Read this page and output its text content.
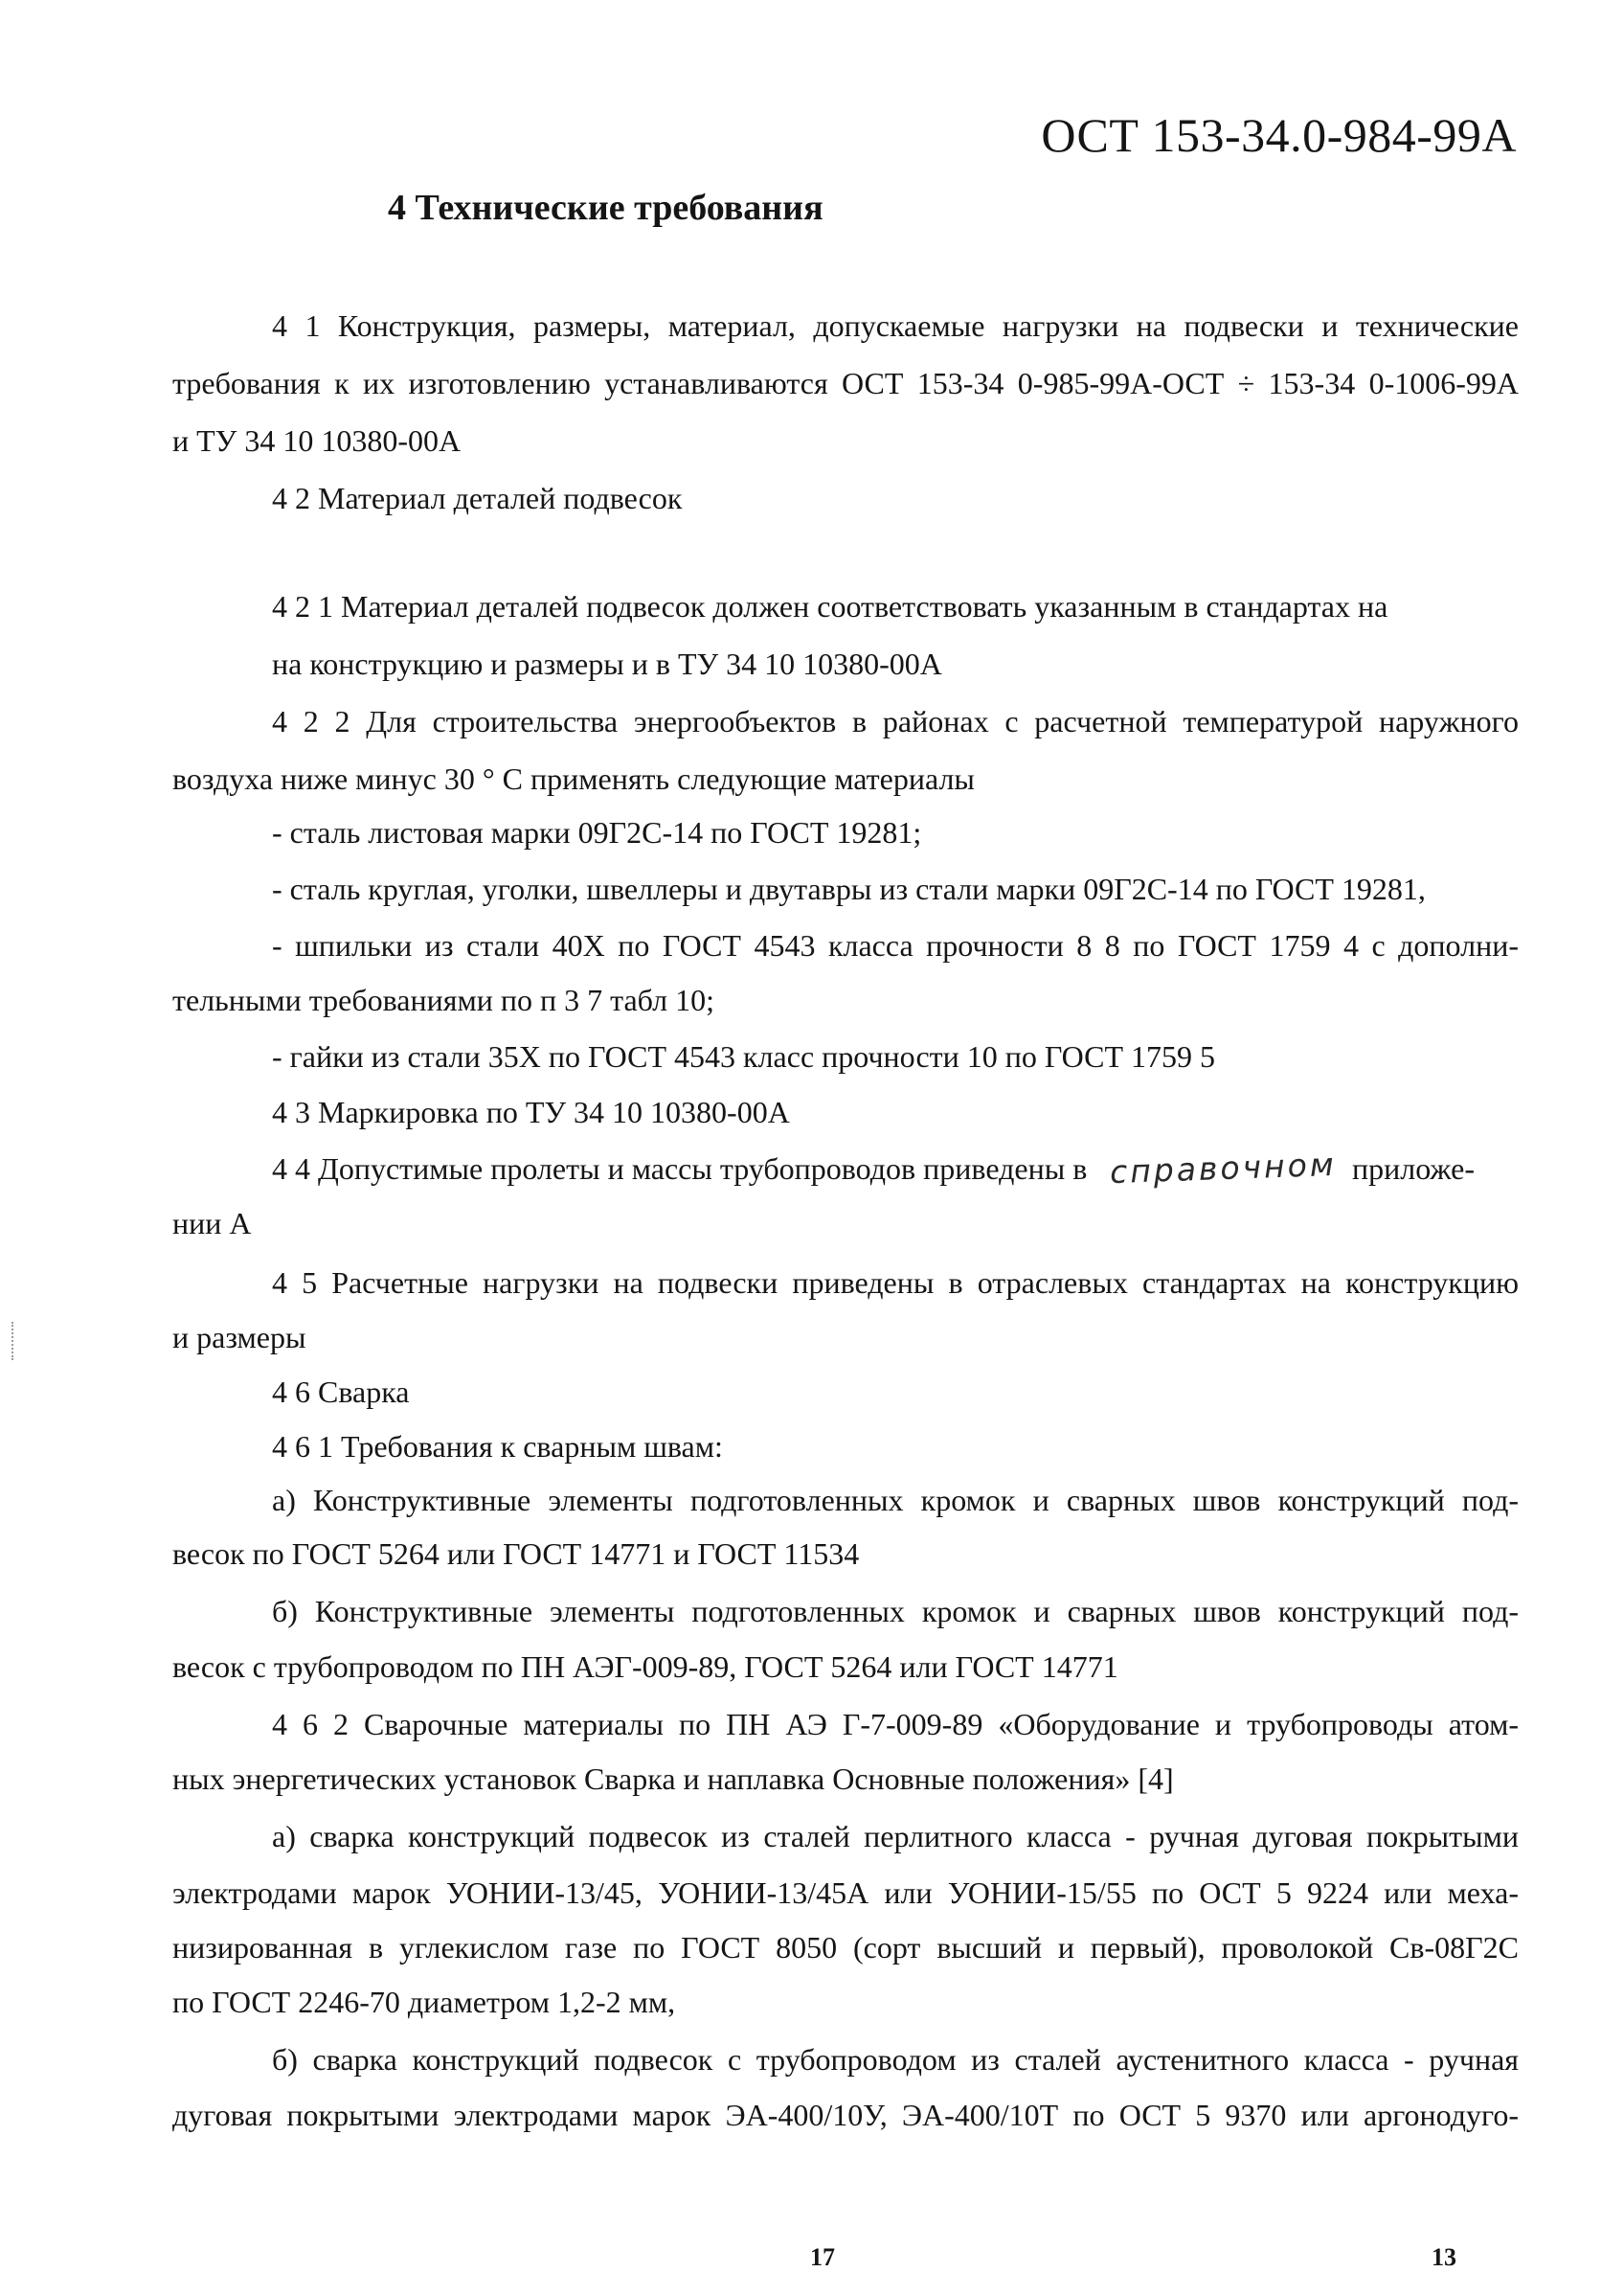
ОСТ 153-34.0-984-99А
4 Технические требования
4 1 Конструкция, размеры, материал, допускаемые нагрузки на подвески и технические
требования к их изготовлению устанавливаются ОСТ 153-34 0-985-99А-ОСТ ÷ 153-34 0-1006-99А
и ТУ 34 10 10380-00А
4 2 Материал деталей подвесок
4 2 1 Материал деталей подвесок должен соответствовать указанным в стандартах на
на конструкцию и размеры и в ТУ 34 10 10380-00А
4 2 2 Для строительства энергообъектов в районах с расчетной температурой наружного
воздуха ниже минус 30 ° С применять следующие материалы
- сталь листовая марки 09Г2С-14 по ГОСТ 19281;
- сталь круглая, уголки, швеллеры и двутавры из стали марки 09Г2С-14 по ГОСТ 19281,
- шпильки из стали 40Х по ГОСТ 4543 класса прочности 8 8 по ГОСТ 1759 4 с дополни-
тельными требованиями по п 3 7 табл 10;
- гайки из стали 35Х по ГОСТ 4543 класс прочности 10 по ГОСТ 1759 5
4 3 Маркировка по ТУ 34 10 10380-00А
4 4 Допустимые пролеты и массы трубопроводов приведены в справочном приложе-
нии А
4 5 Расчетные нагрузки на подвески приведены в отраслевых стандартах на конструкцию
и размеры
4 6 Сварка
4 6 1 Требования к сварным швам:
а) Конструктивные элементы подготовленных кромок и сварных швов конструкций под-
весок по ГОСТ 5264 или ГОСТ 14771 и ГОСТ 11534
б) Конструктивные элементы подготовленных кромок и сварных швов конструкций под-
весок с трубопроводом по ПН АЭГ-009-89, ГОСТ 5264 или ГОСТ 14771
4 6 2 Сварочные материалы по ПН АЭ Г-7-009-89 «Оборудование и трубопроводы атом-
ных энергетических установок Сварка и наплавка Основные положения» [4]
а) сварка конструкций подвесок из сталей перлитного класса - ручная дуговая покрытыми
электродами марок УОНИИ-13/45, УОНИИ-13/45А или УОНИИ-15/55 по ОСТ 5 9224 или меха-
низированная в углекислом газе по ГОСТ 8050 (сорт высший и первый), проволокой Св-08Г2С
по ГОСТ 2246-70 диаметром 1,2-2 мм,
б) сварка конструкций подвесок с трубопроводом из сталей аустенитного класса - ручная
дуговая покрытыми электродами марок ЭА-400/10У, ЭА-400/10Т по ОСТ 5 9370 или аргонодуго-
17	13
